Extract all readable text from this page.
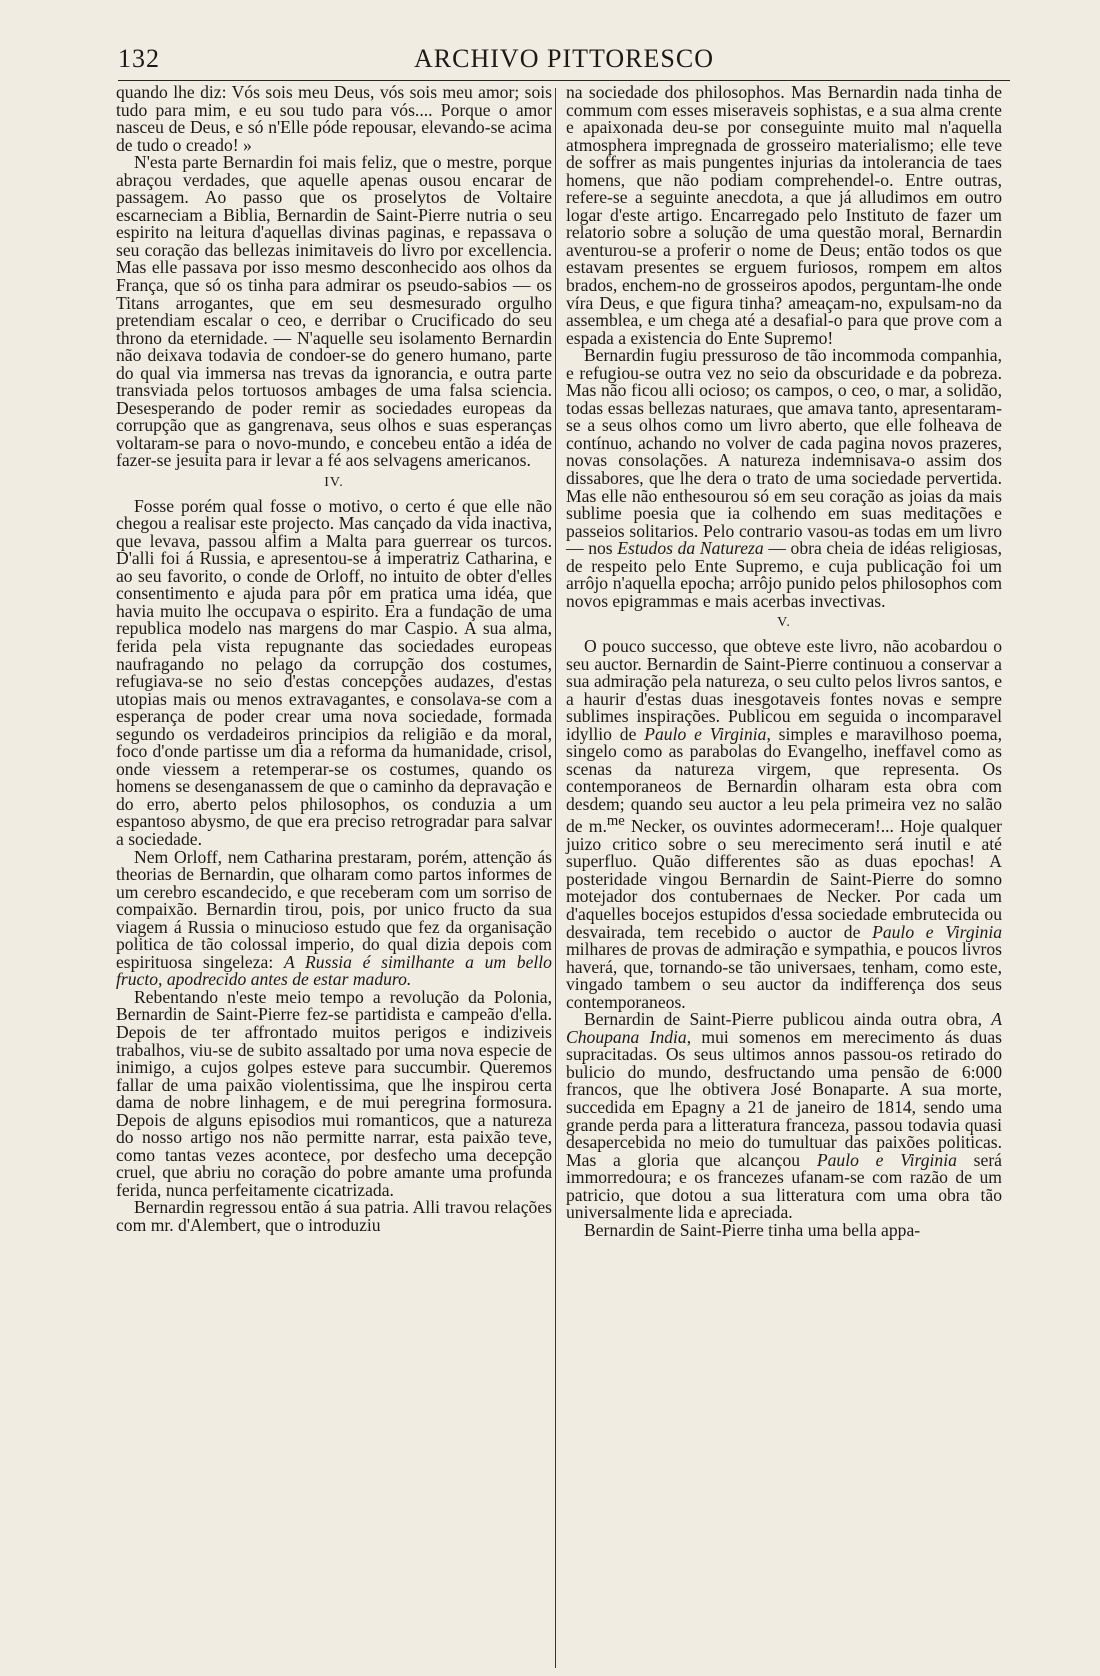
132	ARCHIVO PITTORESCO

quando lhe diz: Vós sois meu Deus, vós sois meu amor; sois tudo para mim, e eu sou tudo para vós.... Porque o amor nasceu de Deus, e só n'Elle póde repousar, elevando-se acima de tudo o creado! »

N'esta parte Bernardin foi mais feliz, que o mestre, porque abraçou verdades, que aquelle apenas ousou encarar de passagem. Ao passo que os proselytos de Voltaire escarneciam a Biblia, Bernardin de Saint-Pierre nutria o seu espirito na leitura d'aquellas divinas paginas, e repassava o seu coração das bellezas inimitaveis do livro por excellencia. Mas elle passava por isso mesmo desconhecido aos olhos da França, que só os tinha para admirar os pseudo-sabios — os Titans arrogantes, que em seu desmesurado orgulho pretendiam escalar o ceo, e derribar o Crucificado do seu throno da eternidade. — N'aquelle seu isolamento Bernardin não deixava todavia de condoer-se do genero humano, parte do qual via immersa nas trevas da ignorancia, e outra parte transviada pelos tortuosos ambages de uma falsa sciencia. Desesperando de poder remir as sociedades europeas da corrupção que as gangrenava, seus olhos e suas esperanças voltaram-se para o novo-mundo, e concebeu então a idéa de fazer-se jesuita para ir levar a fé aos selvagens americanos.

IV.

Fosse porém qual fosse o motivo, o certo é que elle não chegou a realisar este projecto. Mas cançado da vida inactiva, que levava, passou alfim a Malta para guerrear os turcos. D'alli foi á Russia, e apresentou-se á imperatriz Catharina, e ao seu favorito, o conde de Orloff, no intuito de obter d'elles consentimento e ajuda para pôr em pratica uma idéa, que havia muito lhe occupava o espirito. Era a fundação de uma republica modelo nas margens do mar Caspio. A sua alma, ferida pela vista repugnante das sociedades europeas naufragando no pelago da corrupção dos costumes, refugiava-se no seio d'estas concepções audazes, d'estas utopias mais ou menos extravagantes, e consolava-se com a esperança de poder crear uma nova sociedade, formada segundo os verdadeiros principios da religião e da moral, foco d'onde partisse um dia a reforma da humanidade, crisol, onde viessem a retemperar-se os costumes, quando os homens se desenganassem de que o caminho da depravação e do erro, aberto pelos philosophos, os conduzia a um espantoso abysmo, de que era preciso retrogradar para salvar a sociedade.

Nem Orloff, nem Catharina prestaram, porém, attenção ás theorias de Bernardin, que olharam como partos informes de um cerebro escandecido, e que receberam com um sorriso de compaixão. Bernardin tirou, pois, por unico fructo da sua viagem á Russia o minucioso estudo que fez da organisação politica de tão colossal imperio, do qual dizia depois com espirituosa singeleza: A Russia é similhante a um bello fructo, apodrecido antes de estar maduro.

Rebentando n'este meio tempo a revolução da Polonia, Bernardin de Saint-Pierre fez-se partidista e campeão d'ella. Depois de ter affrontado muitos perigos e indiziveis trabalhos, viu-se de subito assaltado por uma nova especie de inimigo, a cujos golpes esteve para succumbir. Queremos fallar de uma paixão violentissima, que lhe inspirou certa dama de nobre linhagem, e de mui peregrina formosura. Depois de alguns episodios mui romanticos, que a natureza do nosso artigo nos não permitte narrar, esta paixão teve, como tantas vezes acontece, por desfecho uma decepção cruel, que abriu no coração do pobre amante uma profunda ferida, nunca perfeitamente cicatrizada.

Bernardin regressou então á sua patria. Alli travou relações com mr. d'Alembert, que o introduziu

na sociedade dos philosophos. Mas Bernardin nada tinha de commum com esses miseraveis sophistas, e a sua alma crente e apaixonada deu-se por conseguinte muito mal n'aquella atmosphera impregnada de grosseiro materialismo; elle teve de soffrer as mais pungentes injurias da intolerancia de taes homens, que não podiam comprehendel-o. Entre outras, refere-se a seguinte anecdota, a que já alludimos em outro logar d'este artigo. Encarregado pelo Instituto de fazer um relatorio sobre a solução de uma questão moral, Bernardin aventurou-se a proferir o nome de Deus; então todos os que estavam presentes se erguem furiosos, rompem em altos brados, enchem-no de grosseiros apodos, perguntam-lhe onde víra Deus, e que figura tinha? ameaçam-no, expulsam-no da assemblea, e um chega até a desafial-o para que prove com a espada a existencia do Ente Supremo!

Bernardin fugiu pressuroso de tão incommoda companhia, e refugiou-se outra vez no seio da obscuridade e da pobreza. Mas não ficou alli ocioso; os campos, o ceo, o mar, a solidão, todas essas bellezas naturaes, que amava tanto, apresentaram-se a seus olhos como um livro aberto, que elle folheava de contínuo, achando no volver de cada pagina novos prazeres, novas consolações. A natureza indemnisava-o assim dos dissabores, que lhe dera o trato de uma sociedade pervertida. Mas elle não enthesourou só em seu coração as joias da mais sublime poesia que ia colhendo em suas meditações e passeios solitarios. Pelo contrario vasou-as todas em um livro — nos Estudos da Natureza — obra cheia de idéas religiosas, de respeito pelo Ente Supremo, e cuja publicação foi um arrôjo n'aquella epocha; arrôjo punido pelos philosophos com novos epigrammas e mais acerbas invectivas.

V.

O pouco successo, que obteve este livro, não acobardou o seu auctor. Bernardin de Saint-Pierre continuou a conservar a sua admiração pela natureza, o seu culto pelos livros santos, e a haurir d'estas duas inesgotaveis fontes novas e sempre sublimes inspirações. Publicou em seguida o incomparavel idyllio de Paulo e Virginia, simples e maravilhoso poema, singelo como as parabolas do Evangelho, ineffavel como as scenas da natureza virgem, que representa. Os contemporaneos de Bernardin olharam esta obra com desdem; quando seu auctor a leu pela primeira vez no salão de m.$^{me}$ Necker, os ouvintes adormeceram!... Hoje qualquer juizo critico sobre o seu merecimento será inutil e até superfluo. Quão differentes são as duas epochas! A posteridade vingou Bernardin de Saint-Pierre do somno motejador dos contubernaes de Necker. Por cada um d'aquelles bocejos estupidos d'essa sociedade embrutecida ou desvairada, tem recebido o auctor de Paulo e Virginia milhares de provas de admiração e sympathia, e poucos livros haverá, que, tornando-se tão universaes, tenham, como este, vingado tambem o seu auctor da indifferença dos seus contemporaneos.

Bernardin de Saint-Pierre publicou ainda outra obra, A Choupana India, mui somenos em merecimento ás duas supracitadas. Os seus ultimos annos passou-os retirado do bulicio do mundo, desfructando uma pensão de 6:000 francos, que lhe obtivera José Bonaparte. A sua morte, succedida em Epagny a 21 de janeiro de 1814, sendo uma grande perda para a litteratura franceza, passou todavia quasi desapercebida no meio do tumultuar das paixões politicas. Mas a gloria que alcançou Paulo e Virginia será immorredoura; e os francezes ufanam-se com razão de um patricio, que dotou a sua litteratura com uma obra tão universalmente lida e apreciada.

Bernardin de Saint-Pierre tinha uma bella appa-
